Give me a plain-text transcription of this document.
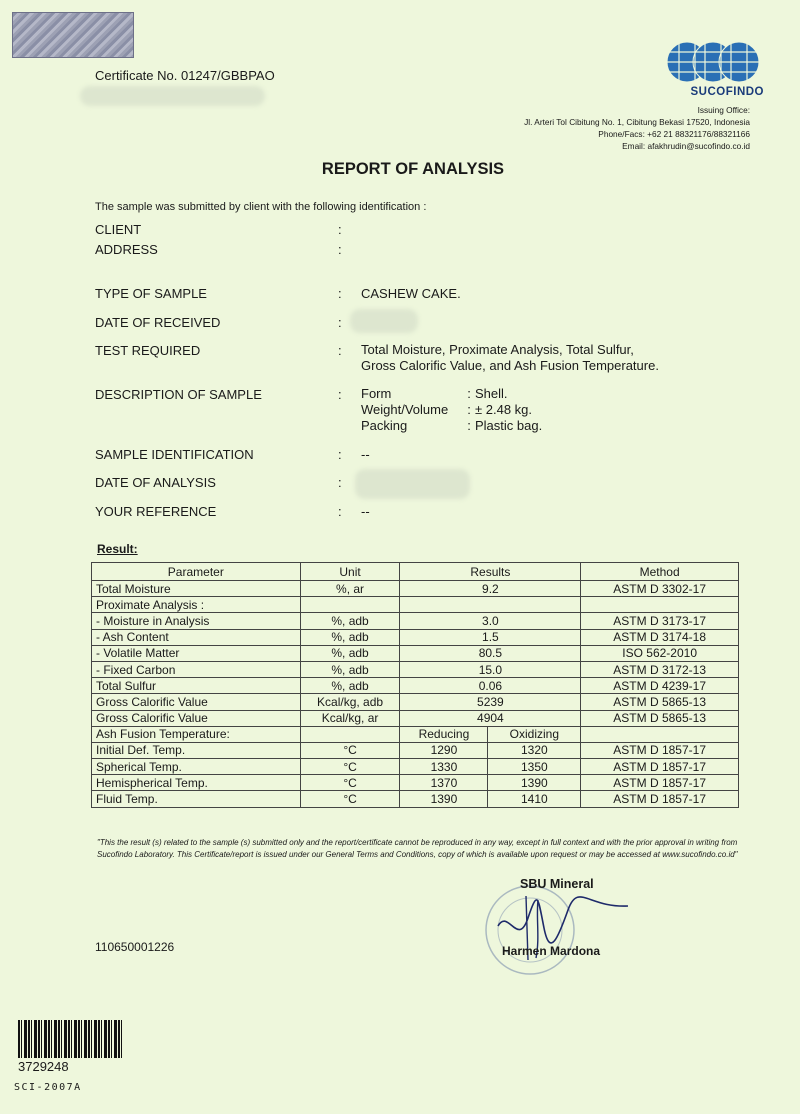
Certificate No. 01247/GBBPAO
SUCOFINDO
Issuing Office:
Jl. Arteri Tol Cibitung No. 1, Cibitung Bekasi 17520, Indonesia
Phone/Facs: +62 21 88321176/88321166
Email: afakhrudin@sucofindo.co.id
REPORT OF ANALYSIS
The sample was submitted by client with the following identification :
CLIENT	:
ADDRESS	:
TYPE OF SAMPLE	: CASHEW CAKE.
DATE OF RECEIVED	:
TEST REQUIRED	: Total Moisture, Proximate Analysis, Total Sulfur,
Gross Calorific Value, and Ash Fusion Temperature.
DESCRIPTION OF SAMPLE	: Form	: Shell.
Weight/Volume : ± 2.48 kg.
Packing	: Plastic bag.
SAMPLE IDENTIFICATION	: --
DATE OF ANALYSIS	:
YOUR REFERENCE	: --
Result:
Parameter	Unit	Results		Method
Total Moisture	%, ar	9.2		ASTM D 3302-17
Proximate Analysis :				
- Moisture in Analysis	%, adb	3.0		ASTM D 3173-17
- Ash Content	%, adb	1.5		ASTM D 3174-18
- Volatile Matter	%, adb	80.5		ISO 562-2010
- Fixed Carbon	%, adb	15.0		ASTM D 3172-13
Total Sulfur	%, adb	0.06		ASTM D 4239-17
Gross Calorific Value	Kcal/kg, adb	5239		ASTM D 5865-13
Gross Calorific Value	Kcal/kg, ar	4904		ASTM D 5865-13
Ash Fusion Temperature:		Reducing	Oxidizing	
Initial Def. Temp.	°C	1290	1320	ASTM D 1857-17
Spherical Temp.	°C	1330	1350	ASTM D 1857-17
Hemispherical Temp.	°C	1370	1390	ASTM D 1857-17
Fluid Temp.	°C	1390	1410	ASTM D 1857-17
"This the result (s) related to the sample (s) submitted only and the report/certificate cannot be reproduced in any way, except in full context and with the prior approval in writing from Sucofindo Laboratory. This Certificate/report is issued under our General Terms and Conditions, copy of which is available upon request or may be accessed at www.sucofindo.co.id"
SBU Mineral
Harmen Mardona
110650001226
3729248
SCI-2007A
